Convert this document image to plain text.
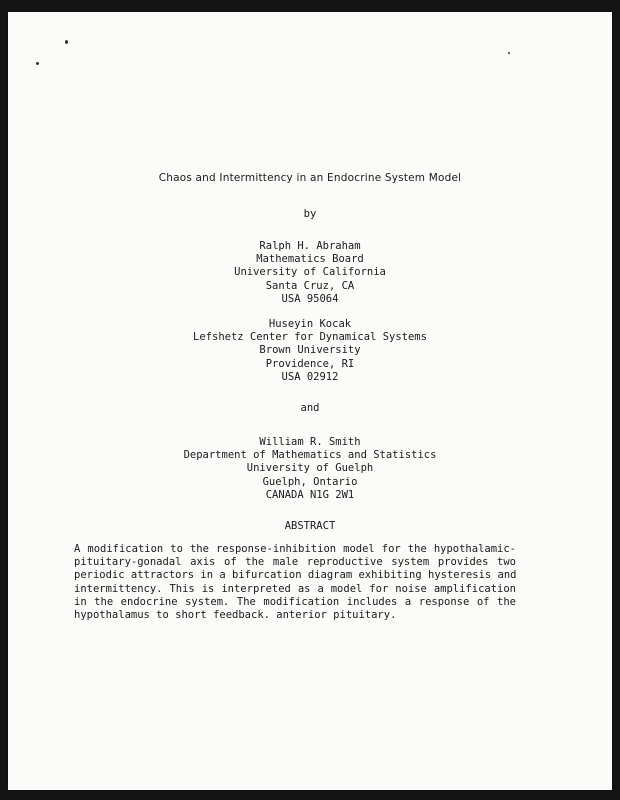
Chaos and Intermittency in an Endocrine System Model
by
Ralph H. Abraham
Mathematics Board
University of California
Santa Cruz, CA
USA 95064
Huseyin Kocak
Lefshetz Center for Dynamical Systems
Brown University
Providence, RI
USA 02912
and
William R. Smith
Department of Mathematics and Statistics
University of Guelph
Guelph, Ontario
CANADA N1G 2W1
ABSTRACT
A modification to the response-inhibition model for the hypothalamic-
pituitary-gonadal axis of the male reproductive system provides two
periodic attractors in a bifurcation diagram exhibiting hysteresis and
intermittency. This is interpreted as a model for noise amplification
in the endocrine system. The modification includes a response of the
hypothalamus to short feedback. anterior pituitary.
